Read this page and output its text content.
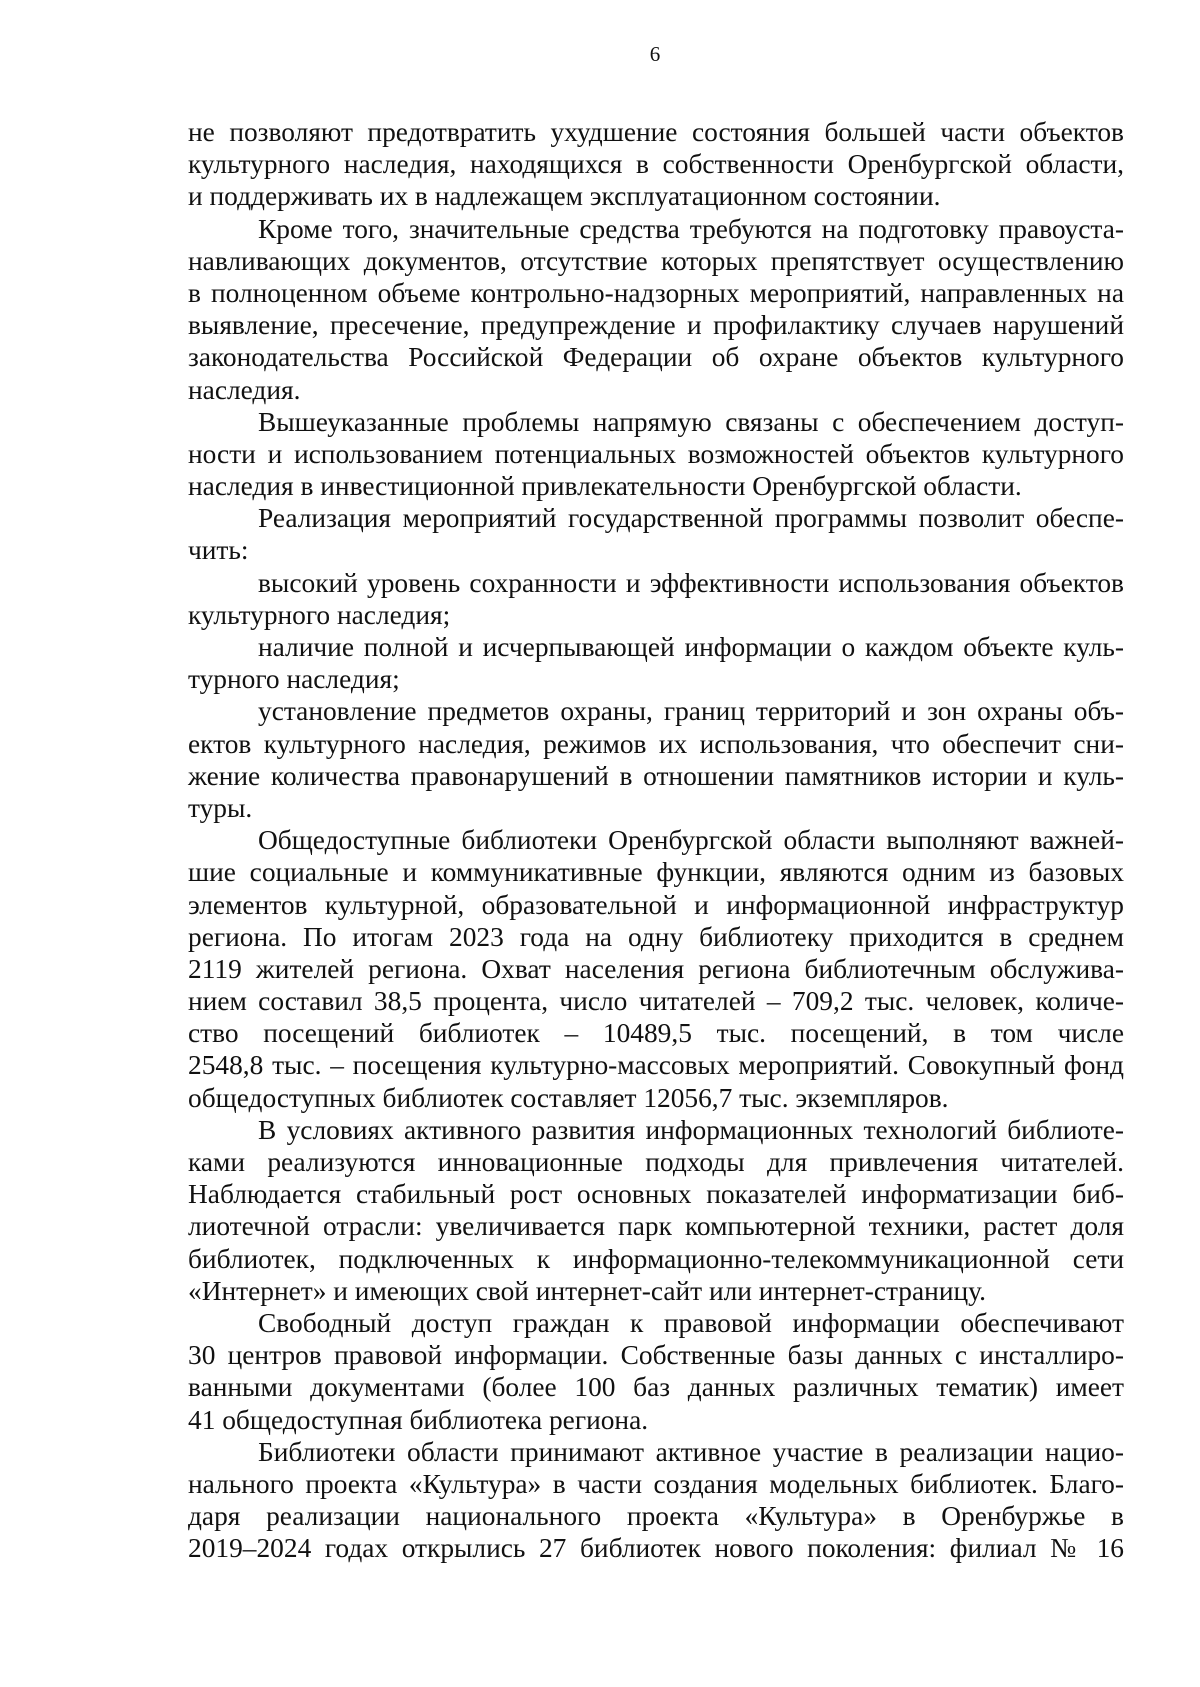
6
не позволяют предотвратить ухудшение состояния большей части объектов
культурного наследия, находящихся в собственности Оренбургской области,
и поддерживать их в надлежащем эксплуатационном состоянии.
Кроме того, значительные средства требуются на подготовку правоуста-
навливающих документов, отсутствие которых препятствует осуществлению
в полноценном объеме контрольно-надзорных мероприятий, направленных на
выявление, пресечение, предупреждение и профилактику случаев нарушений
законодательства Российской Федерации об охране объектов культурного
наследия.
Вышеуказанные проблемы напрямую связаны с обеспечением доступ-
ности и использованием потенциальных возможностей объектов культурного
наследия в инвестиционной привлекательности Оренбургской области.
Реализация мероприятий государственной программы позволит обеспе-
чить:
высокий уровень сохранности и эффективности использования объектов
культурного наследия;
наличие полной и исчерпывающей информации о каждом объекте куль-
турного наследия;
установление предметов охраны, границ территорий и зон охраны объ-
ектов культурного наследия, режимов их использования, что обеспечит сни-
жение количества правонарушений в отношении памятников истории и куль-
туры.
Общедоступные библиотеки Оренбургской области выполняют важней-
шие социальные и коммуникативные функции, являются одним из базовых
элементов культурной, образовательной и информационной инфраструктур
региона. По итогам 2023 года на одну библиотеку приходится в среднем
2119 жителей региона. Охват населения региона библиотечным обслужива-
нием составил 38,5 процента, число читателей – 709,2 тыс. человек, количе-
ство посещений библиотек – 10489,5 тыс. посещений, в том числе
2548,8 тыс. – посещения культурно-массовых мероприятий. Совокупный фонд
общедоступных библиотек составляет 12056,7 тыс. экземпляров.
В условиях активного развития информационных технологий библиоте-
ками реализуются инновационные подходы для привлечения читателей.
Наблюдается стабильный рост основных показателей информатизации биб-
лиотечной отрасли: увеличивается парк компьютерной техники, растет доля
библиотек, подключенных к информационно-телекоммуникационной сети
«Интернет» и имеющих свой интернет-сайт или интернет-страницу.
Свободный доступ граждан к правовой информации обеспечивают
30 центров правовой информации. Собственные базы данных с инсталлиро-
ванными документами (более 100 баз данных различных тематик) имеет
41 общедоступная библиотека региона.
Библиотеки области принимают активное участие в реализации нацио-
нального проекта «Культура» в части создания модельных библиотек. Благо-
даря реализации национального проекта «Культура» в Оренбуржье в
2019–2024 годах открылись 27 библиотек нового поколения: филиал № 16
